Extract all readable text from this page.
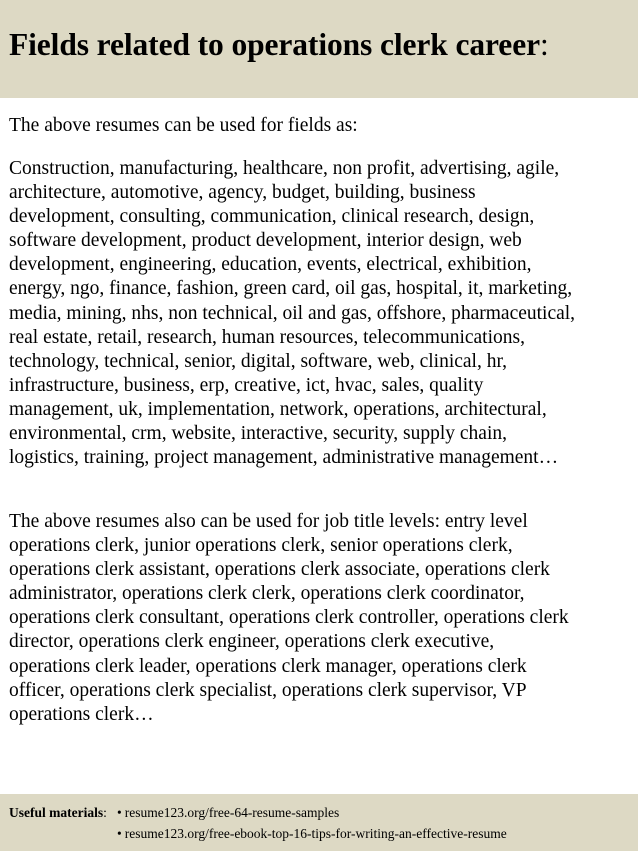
Fields related to operations clerk career:
The above resumes can be used for fields as:
Construction, manufacturing, healthcare, non profit, advertising, agile,
architecture, automotive, agency, budget, building, business
development, consulting, communication, clinical research, design,
software development, product development, interior design, web
development, engineering, education, events, electrical, exhibition,
energy, ngo, finance, fashion, green card, oil gas, hospital, it, marketing,
media, mining, nhs, non technical, oil and gas, offshore, pharmaceutical,
real estate, retail, research, human resources, telecommunications,
technology, technical, senior, digital, software, web, clinical, hr,
infrastructure, business, erp, creative, ict, hvac, sales, quality
management, uk, implementation, network, operations, architectural,
environmental, crm, website, interactive, security, supply chain,
logistics, training, project management, administrative management…
The above resumes also can be used for job title levels: entry level
operations clerk, junior operations clerk, senior operations clerk,
operations clerk assistant, operations clerk associate, operations clerk
administrator, operations clerk clerk, operations clerk coordinator,
operations clerk consultant, operations clerk controller, operations clerk
director, operations clerk engineer, operations clerk executive,
operations clerk leader, operations clerk manager, operations clerk
officer, operations clerk specialist, operations clerk supervisor, VP
operations clerk…
Useful materials: • resume123.org/free-64-resume-samples
• resume123.org/free-ebook-top-16-tips-for-writing-an-effective-resume
